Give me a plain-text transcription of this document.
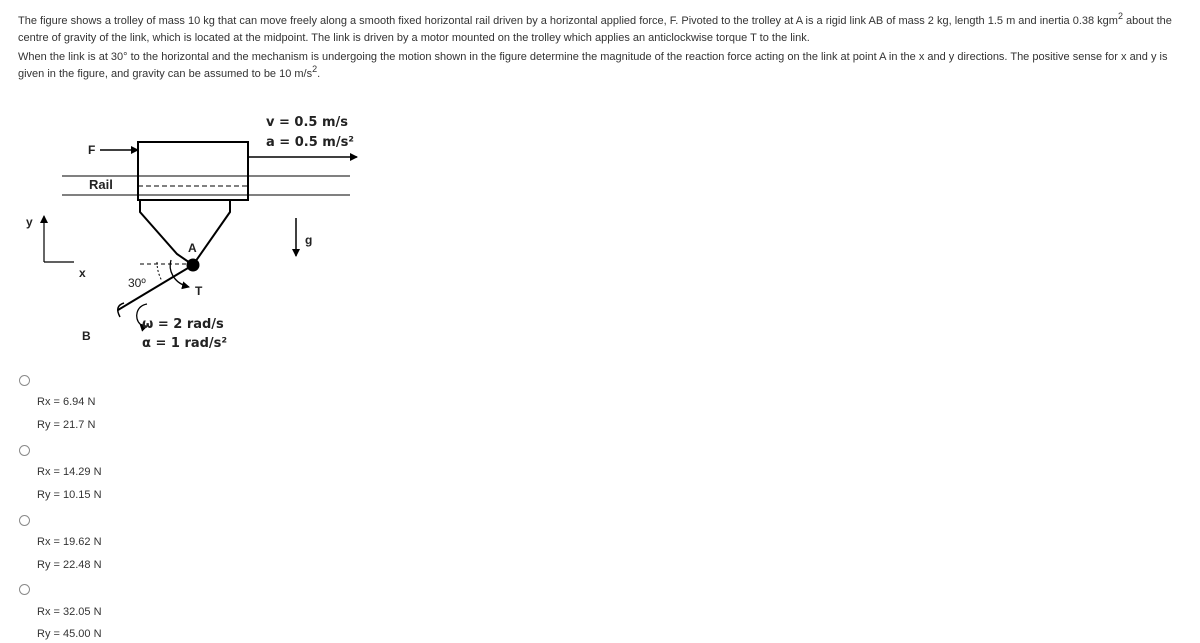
The figure shows a trolley of mass 10 kg that can move freely along a smooth fixed horizontal rail driven by a horizontal applied force, F. Pivoted to the trolley at A is a rigid link AB of mass 2 kg, length 1.5 m and inertia 0.38 kgm$^2$ about the centre of gravity of the link, which is located at the midpoint. The link is driven by a motor mounted on the trolley which applies an anticlockwise torque T to the link.

When the link is at 30° to the horizontal and the mechanism is undergoing the motion shown in the figure determine the magnitude of the reaction force acting on the link at point A in the x and y directions. The positive sense for x and y is given in the figure, and gravity can be assumed to be 10 $m/s^2$.

F
v = 0.5 m/s
a = 0.5 m/s²
Rail
A
B
30º
T
ω = 2 rad/s
α = 1 rad/s²
g
y
x
Rx = 6.94 N
Ry = 21.7 N
Rx = 14.29 N
Ry = 10.15 N
Rx = 19.62 N
Ry = 22.48 N
Rx = 32.05 N
Ry = 45.00 N
